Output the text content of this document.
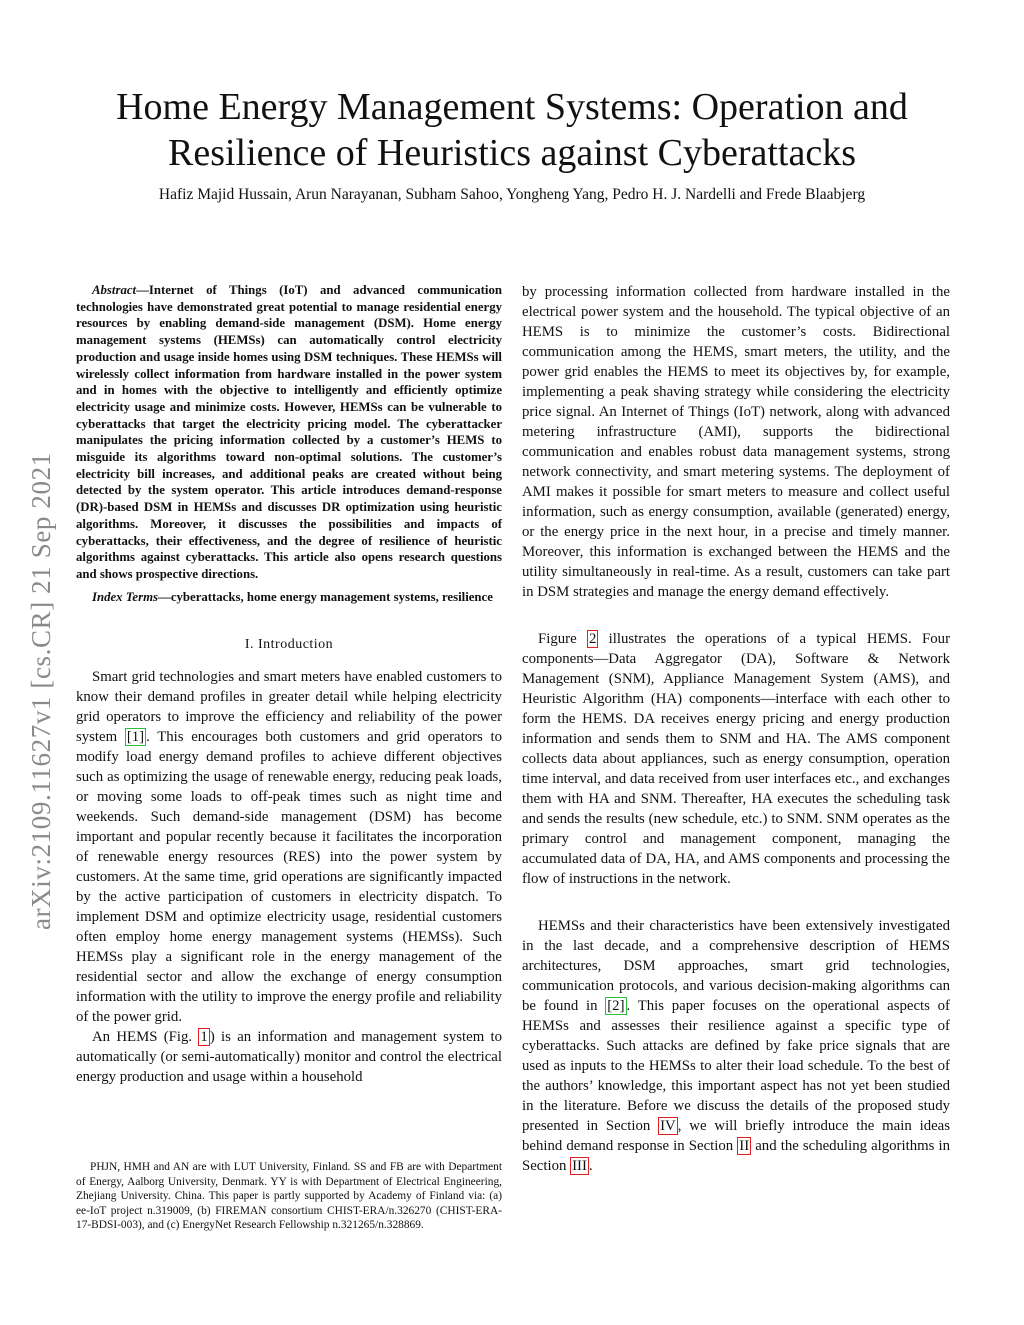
arXiv:2109.11627v1 [cs.CR] 21 Sep 2021
Home Energy Management Systems: Operation and
Resilience of Heuristics against Cyberattacks
Hafiz Majid Hussain, Arun Narayanan, Subham Sahoo, Yongheng Yang, Pedro H. J. Nardelli and Frede Blaabjerg

Abstract—Internet of Things (IoT) and advanced communication technologies have demonstrated great potential to manage residential energy resources by enabling demand-side management (DSM). Home energy management systems (HEMSs) can automatically control electricity production and usage inside homes using DSM techniques. These HEMSs will wirelessly collect information from hardware installed in the power system and in homes with the objective to intelligently and efficiently optimize electricity usage and minimize costs. However, HEMSs can be vulnerable to cyberattacks that target the electricity pricing model. The cyberattacker manipulates the pricing information collected by a customer’s HEMS to misguide its algorithms toward non-optimal solutions. The customer’s electricity bill increases, and additional peaks are created without being detected by the system operator. This article introduces demand-response (DR)-based DSM in HEMSs and discusses DR optimization using heuristic algorithms. Moreover, it discusses the possibilities and impacts of cyberattacks, their effectiveness, and the degree of resilience of heuristic algorithms against cyberattacks. This article also opens research questions and shows prospective directions.

Index Terms—cyberattacks, home energy management systems, resilience

I. Introduction

Smart grid technologies and smart meters have enabled customers to know their demand profiles in greater detail while helping electricity grid operators to improve the efficiency and reliability of the power system [1] . This encourages both customers and grid operators to modify load energy demand profiles to achieve different objectives such as optimizing the usage of renewable energy, reducing peak loads, or moving some loads to off-peak times such as night time and weekends. Such demand-side management (DSM) has become important and popular recently because it facilitates the incorporation of renewable energy resources (RES) into the power system by customers. At the same time, grid operations are significantly impacted by the active participation of customers in electricity dispatch. To implement DSM and optimize electricity usage, residential customers often employ home energy management systems (HEMSs). Such HEMSs play a significant role in the energy management of the residential sector and allow the exchange of energy consumption information with the utility to improve the energy profile and reliability of the power grid.

An HEMS (Fig. 1 ) is an information and management system to automatically (or semi-automatically) monitor and control the electrical energy production and usage within a household

PHJN, HMH and AN are with LUT University, Finland. SS and FB are with Department of Energy, Aalborg University, Denmark. YY is with Department of Electrical Engineering, Zhejiang University. China. This paper is partly supported by Academy of Finland via: (a) ee-IoT project n.319009, (b) FIREMAN consortium CHIST-ERA/n.326270 (CHIST-ERA-17-BDSI-003), and (c) EnergyNet Research Fellowship n.321265/n.328869.

by processing information collected from hardware installed in the electrical power system and the household. The typical objective of an HEMS is to minimize the customer’s costs. Bidirectional communication among the HEMS, smart meters, the utility, and the power grid enables the HEMS to meet its objectives by, for example, implementing a peak shaving strategy while considering the electricity price signal. An Internet of Things (IoT) network, along with advanced metering infrastructure (AMI), supports the bidirectional communication and enables robust data management systems, strong network connectivity, and smart metering systems. The deployment of AMI makes it possible for smart meters to measure and collect useful information, such as energy consumption, available (generated) energy, or the energy price in the next hour, in a precise and timely manner. Moreover, this information is exchanged between the HEMS and the utility simultaneously in real-time. As a result, customers can take part in DSM strategies and manage the energy demand effectively.

Figure 2 illustrates the operations of a typical HEMS. Four components—Data Aggregator (DA), Software & Network Management (SNM), Appliance Management System (AMS), and Heuristic Algorithm (HA) components—interface with each other to form the HEMS. DA receives energy pricing and energy production information and sends them to SNM and HA. The AMS component collects data about appliances, such as energy consumption, operation time interval, and data received from user interfaces etc., and exchanges them with HA and SNM. Thereafter, HA executes the scheduling task and sends the results (new schedule, etc.) to SNM. SNM operates as the primary control and management component, managing the accumulated data of DA, HA, and AMS components and processing the flow of instructions in the network.

HEMSs and their characteristics have been extensively investigated in the last decade, and a comprehensive description of HEMS architectures, DSM approaches, smart grid technologies, communication protocols, and various decision-making algorithms can be found in [2] . This paper focuses on the operational aspects of HEMSs and assesses their resilience against a specific type of cyberattacks. Such attacks are defined by fake price signals that are used as inputs to the HEMSs to alter their load schedule. To the best of the authors’ knowledge, this important aspect has not yet been studied in the literature. Before we discuss the details of the proposed study presented in Section IV , we will briefly introduce the main ideas behind demand response in Section II and the scheduling algorithms in Section III .
